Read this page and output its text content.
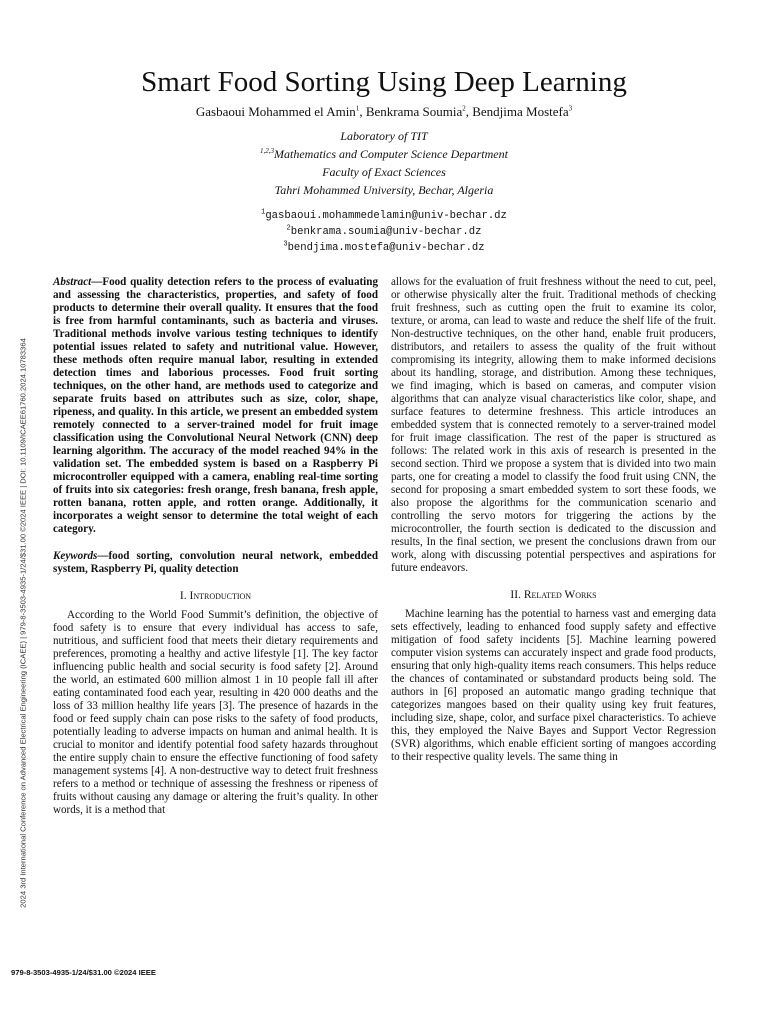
2024 3rd International Conference on Advanced Electrical Engineering (ICAEE) | 979-8-3503-4935-1/24/$31.00 ©2024 IEEE | DOI: 10.1109/ICAEE61760.2024.10783364
Smart Food Sorting Using Deep Learning
Gasbaoui Mohammed el Amin$^1$, Benkrama Soumia$^2$, Bendjima Mostefa$^3$
Laboratory of TIT
$^{1,2,3}$Mathematics and Computer Science Department
Faculty of Exact Sciences
Tahri Mohammed University, Bechar, Algeria
$^1$gasbaoui.mohammedelamin@univ-bechar.dz
$^2$benkrama.soumia@univ-bechar.dz
$^3$bendjima.mostefa@univ-bechar.dz

Abstract—Food quality detection refers to the process of evaluating and assessing the characteristics, properties, and safety of food products to determine their overall quality. It ensures that the food is free from harmful contaminants, such as bacteria and viruses. Traditional methods involve various testing techniques to identify potential issues related to safety and nutritional value. However, these methods often require manual labor, resulting in extended detection times and laborious processes. Food fruit sorting techniques, on the other hand, are methods used to categorize and separate fruits based on attributes such as size, color, shape, ripeness, and quality. In this article, we present an embedded system remotely connected to a server-trained model for fruit image classification using the Convolutional Neural Network (CNN) deep learning algorithm. The accuracy of the model reached 94% in the validation set. The embedded system is based on a Raspberry Pi microcontroller equipped with a camera, enabling real-time sorting of fruits into six categories: fresh orange, fresh banana, fresh apple, rotten banana, rotten apple, and rotten orange. Additionally, it incorporates a weight sensor to determine the total weight of each category.

Keywords—food sorting, convolution neural network, embedded system, Raspberry Pi, quality detection

I. Introduction

According to the World Food Summit’s definition, the objective of food safety is to ensure that every individual has access to safe, nutritious, and sufficient food that meets their dietary requirements and preferences, promoting a healthy and active lifestyle [1]. The key factor influencing public health and social security is food safety [2]. Around the world, an estimated 600 million almost 1 in 10 people fall ill after eating contaminated food each year, resulting in 420 000 deaths and the loss of 33 million healthy life years [3]. The presence of hazards in the food or feed supply chain can pose risks to the safety of food products, potentially leading to adverse impacts on human and animal health. It is crucial to monitor and identify potential food safety hazards throughout the entire supply chain to ensure the effective functioning of food safety management systems [4]. A non-destructive way to detect fruit freshness refers to a method or technique of assessing the freshness or ripeness of fruits without causing any damage or altering the fruit’s quality. In other words, it is a method that

allows for the evaluation of fruit freshness without the need to cut, peel, or otherwise physically alter the fruit. Traditional methods of checking fruit freshness, such as cutting open the fruit to examine its color, texture, or aroma, can lead to waste and reduce the shelf life of the fruit. Non-destructive techniques, on the other hand, enable fruit producers, distributors, and retailers to assess the quality of the fruit without compromising its integrity, allowing them to make informed decisions about its handling, storage, and distribution. Among these techniques, we find imaging, which is based on cameras, and computer vision algorithms that can analyze visual characteristics like color, shape, and surface features to determine freshness. This article introduces an embedded system that is connected remotely to a server-trained model for fruit image classification. The rest of the paper is structured as follows: The related work in this axis of research is presented in the second section. Third we propose a system that is divided into two main parts, one for creating a model to classify the food fruit using CNN, the second for proposing a smart embedded system to sort these foods, we also propose the algorithms for the communication scenario and controlling the servo motors for triggering the actions by the microcontroller, the fourth section is dedicated to the discussion and results, In the final section, we present the conclusions drawn from our work, along with discussing potential perspectives and aspirations for future endeavors.

II. Related Works

Machine learning has the potential to harness vast and emerging data sets effectively, leading to enhanced food supply safety and effective mitigation of food safety incidents [5]. Machine learning powered computer vision systems can accurately inspect and grade food products, ensuring that only high-quality items reach consumers. This helps reduce the chances of contaminated or substandard products being sold. The authors in [6] proposed an automatic mango grading technique that categorizes mangoes based on their quality using key fruit features, including size, shape, color, and surface pixel characteristics. To achieve this, they employed the Naive Bayes and Support Vector Regression (SVR) algorithms, which enable efficient sorting of mangoes according to their respective quality levels. The same thing in

979-8-3503-4935-1/24/$31.00 ©2024 IEEE
